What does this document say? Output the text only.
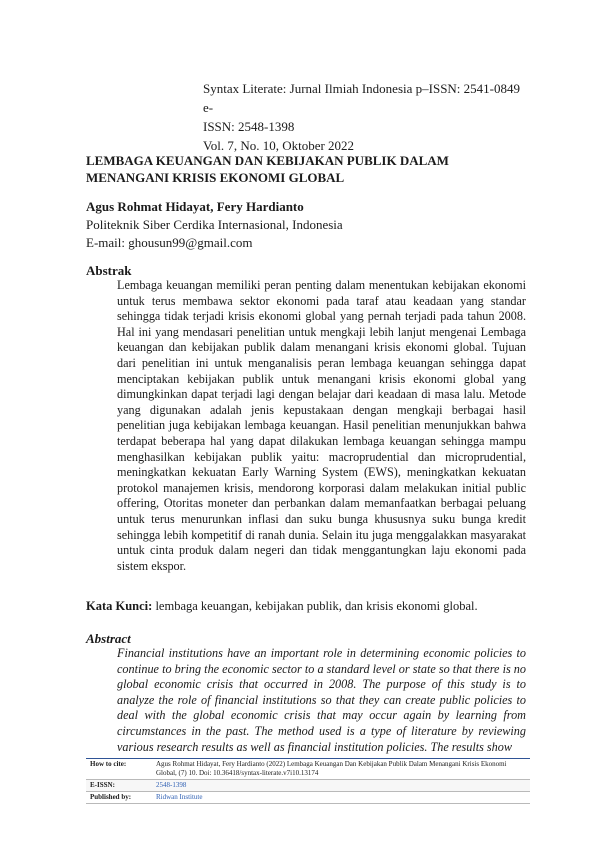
Syntax Literate: Jurnal Ilmiah Indonesia p–ISSN: 2541-0849 e-
ISSN: 2548-1398
Vol. 7, No. 10, Oktober 2022
LEMBAGA KEUANGAN DAN KEBIJAKAN PUBLIK DALAM MENANGANI KRISIS EKONOMI GLOBAL
Agus Rohmat Hidayat, Fery Hardianto
Politeknik Siber Cerdika Internasional, Indonesia
E-mail: ghousun99@gmail.com
Abstrak
Lembaga keuangan memiliki peran penting dalam menentukan kebijakan ekonomi untuk terus membawa sektor ekonomi pada taraf atau keadaan yang standar sehingga tidak terjadi krisis ekonomi global yang pernah terjadi pada tahun 2008. Hal ini yang mendasari penelitian untuk mengkaji lebih lanjut mengenai Lembaga keuangan dan kebijakan publik dalam menangani krisis ekonomi global. Tujuan dari penelitian ini untuk menganalisis peran lembaga keuangan sehingga dapat menciptakan kebijakan publik untuk menangani krisis ekonomi global yang dimungkinkan dapat terjadi lagi dengan belajar dari keadaan di masa lalu. Metode yang digunakan adalah jenis kepustakaan dengan mengkaji berbagai hasil penelitian juga kebijakan lembaga keuangan. Hasil penelitian menunjukkan bahwa terdapat beberapa hal yang dapat dilakukan lembaga keuangan sehingga mampu menghasilkan kebijakan publik yaitu: macroprudential dan microprudential, meningkatkan kekuatan Early Warning System (EWS), meningkatkan kekuatan protokol manajemen krisis, mendorong korporasi dalam melakukan initial public offering, Otoritas moneter dan perbankan dalam memanfaatkan berbagai peluang untuk terus menurunkan inflasi dan suku bunga khususnya suku bunga kredit sehingga lebih kompetitif di ranah dunia. Selain itu juga menggalakkan masyarakat untuk cinta produk dalam negeri dan tidak menggantungkan laju ekonomi pada sistem ekspor.
Kata Kunci: lembaga keuangan, kebijakan publik, dan krisis ekonomi global.
Abstract
Financial institutions have an important role in determining economic policies to continue to bring the economic sector to a standard level or state so that there is no global economic crisis that occurred in 2008. The purpose of this study is to analyze the role of financial institutions so that they can create public policies to deal with the global economic crisis that may occur again by learning from circumstances in the past. The method used is a type of literature by reviewing various research results as well as financial institution policies. The results show
How to cite:	Agus Rohmat Hidayat, Fery Hardianto (2022) Lembaga Keuangan Dan Kebijakan Publik Dalam Menangani Krisis Ekonomi Global, (7) 10. Doi: 10.36418/syntax-literate.v7i10.13174
E-ISSN:	2548-1398
Published by:	Ridwan Institute
